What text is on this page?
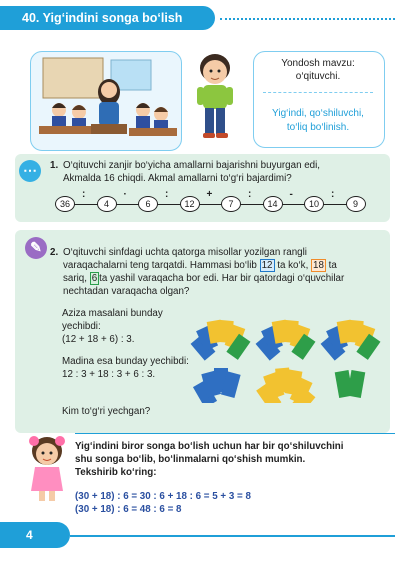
40. Yig‘indini songa bo‘lish
Yondosh mavzu:
o‘qituvchi.
Yig‘indi, qo‘shiluvchi,
to‘liq bo‘linish.
⋯	1. O‘qituvchi zanjir bo‘yicha amallarni bajarishni buyurgan edi,
Akmalda 16 chiqdi. Akmal amallarni to‘g‘ri bajardimi?
36
:
4
·
6
:
12
+
7
:
14
-
10
:
9
✎ 2. O‘qituvchi sinfdagi uchta qatorga misollar yozilgan rangli
varaqachalarni teng tarqatdi. Hammasi bo‘lib 12 ta ko‘k, 18 ta
sariq, 6 ta yashil varaqacha bor edi. Har bir qatordagi o‘quvchilar
nechtadan varaqacha olgan?
Aziza masalani bunday
yechibdi:
(12 + 18 + 6) : 3.
Madina esa bunday yechibdi:
12 : 3 + 18 : 3 + 6 : 3.
Kim to‘g‘ri yechgan?
Yig‘indini biror songa bo‘lish uchun har bir qo‘shiluvchini
shu songa bo‘lib, bo‘linmalarni qo‘shish mumkin.
Tekshirib ko‘ring:
(30 + 18) : 6 = 30 : 6 + 18 : 6 = 5 + 3 = 8
(30 + 18) : 6 = 48 : 6 = 8
4
